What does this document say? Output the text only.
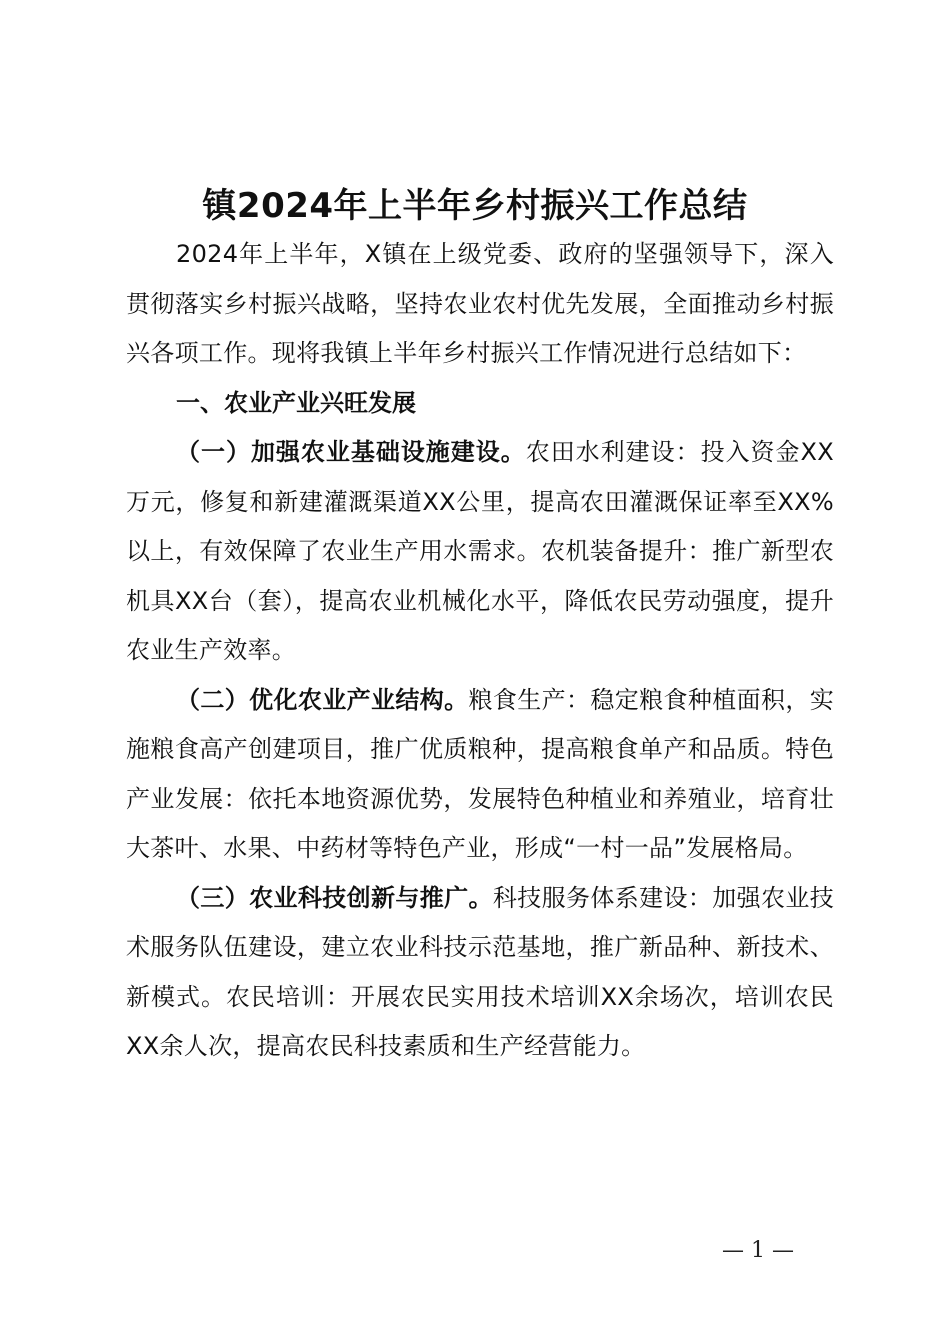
镇2024年上半年乡村振兴工作总结

2024年上半年，X镇在上级党委、政府的坚强领导下，深入贯彻落实乡村振兴战略，坚持农业农村优先发展，全面推动乡村振兴各项工作。现将我镇上半年乡村振兴工作情况进行总结如下：

一、农业产业兴旺发展

（一）加强农业基础设施建设。农田水利建设：投入资金XX万元，修复和新建灌溉渠道XX公里，提高农田灌溉保证率至XX%以上，有效保障了农业生产用水需求。农机装备提升：推广新型农机具XX台（套），提高农业机械化水平，降低农民劳动强度，提升农业生产效率。

（二）优化农业产业结构。粮食生产：稳定粮食种植面积，实施粮食高产创建项目，推广优质粮种，提高粮食单产和品质。特色产业发展：依托本地资源优势，发展特色种植业和养殖业，培育壮大茶叶、水果、中药材等特色产业，形成“一村一品”发展格局。

（三）农业科技创新与推广。科技服务体系建设：加强农业技术服务队伍建设，建立农业科技示范基地，推广新品种、新技术、新模式。农民培训：开展农民实用技术培训XX余场次，培训农民XX余人次，提高农民科技素质和生产经营能力。

— 1 —
